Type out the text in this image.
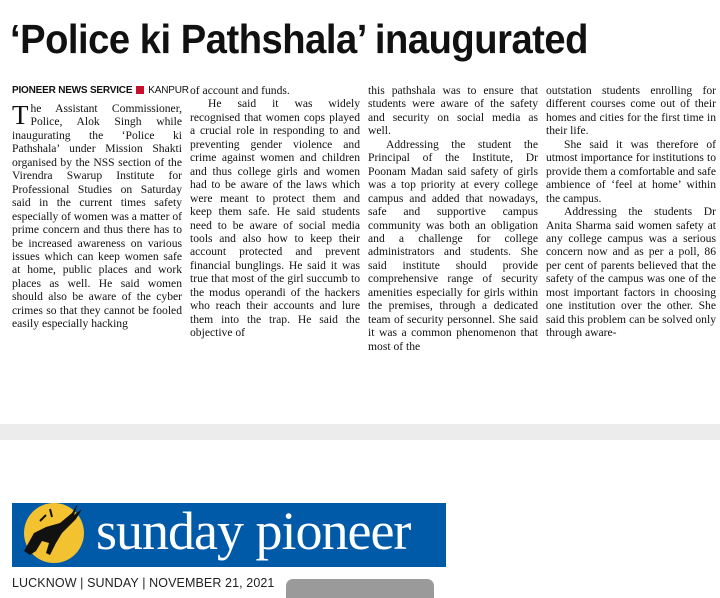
‘Police ki Pathshala’ inaugurated
PIONEER NEWS SERVICE KANPUR

The Assistant Commissioner, Police, Alok Singh while inaugurating the ‘Police ki Pathshala’ under Mission Shakti organised by the NSS section of the Virendra Swarup Institute for Professional Studies on Saturday said in the current times safety especially of women was a matter of prime concern and thus there has to be increased awareness on various issues which can keep women safe at home, public places and work places as well. He said women should also be aware of the cyber crimes so that they cannot be fooled easily especially hacking

of account and funds.

He said it was widely recognised that women cops played a crucial role in responding to and preventing gender violence and crime against women and children and thus college girls and women had to be aware of the laws which were meant to protect them and keep them safe. He said students need to be aware of social media tools and also how to keep their account protected and prevent financial bunglings. He said it was true that most of the girl succumb to the modus operandi of the hackers who reach their accounts and lure them into the trap. He said the objective of

this pathshala was to ensure that students were aware of the safety and security on social media as well.

Addressing the student the Principal of the Institute, Dr Poonam Madan said safety of girls was a top priority at every college campus and added that nowadays, safe and supportive campus community was both an obligation and a challenge for college administrators and students. She said institute should provide comprehensive range of security amenities especially for girls within the premises, through a dedicated team of security personnel. She said it was a common phenomenon that most of the

outstation students enrolling for different courses come out of their homes and cities for the first time in their life.

She said it was therefore of utmost importance for institutions to provide them a comfortable and safe ambience of ‘feel at home’ within the campus.

Addressing the students Dr Anita Sharma said women safety at any college campus was a serious concern now and as per a poll, 86 per cent of parents believed that the safety of the campus was one of the most important factors in choosing one institution over the other. She said this problem can be solved only through aware-

sunday pioneer
LUCKNOW | SUNDAY | NOVEMBER 21, 2021
